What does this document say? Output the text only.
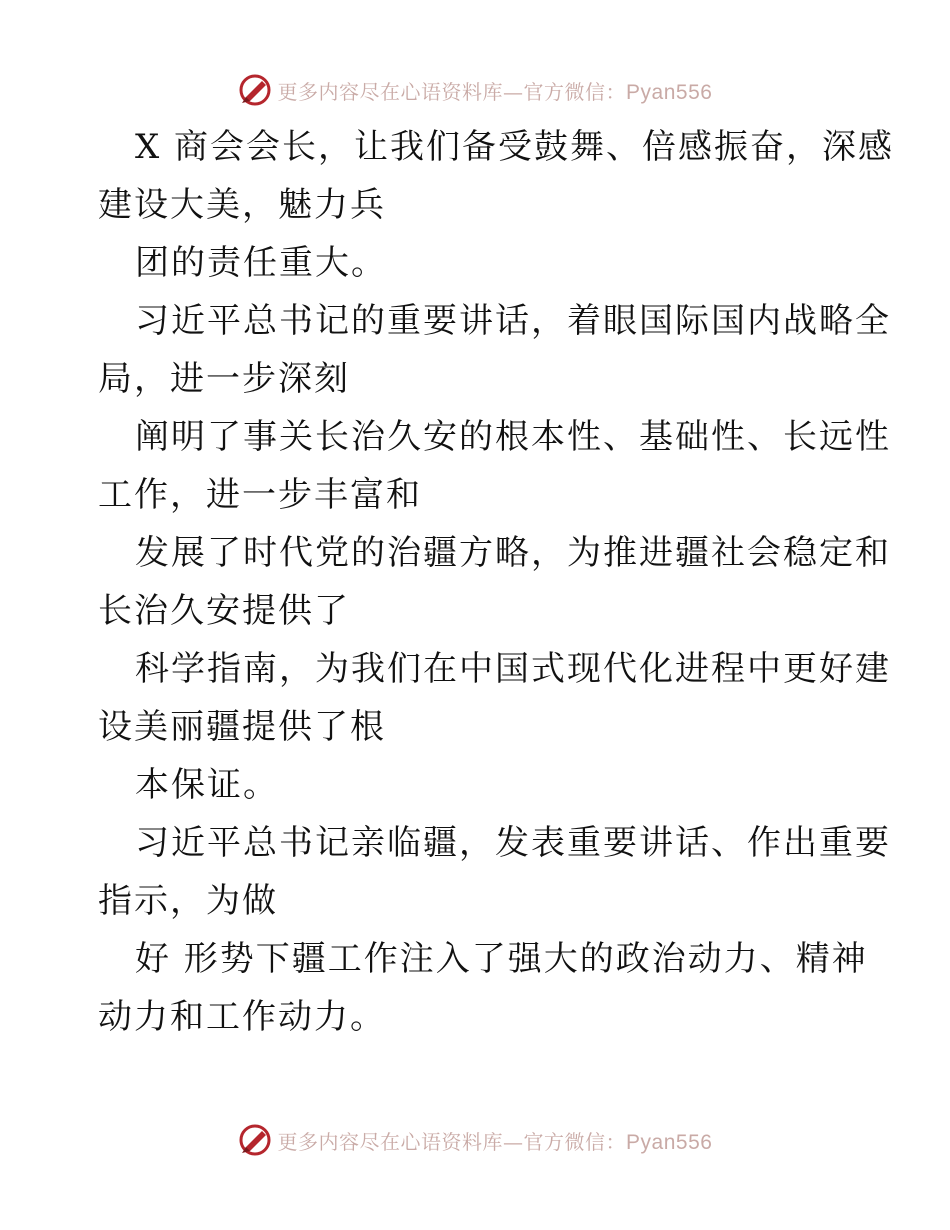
更多内容尽在心语资料库—官方微信：Pyan556
X 商会会长，让我们备受鼓舞、倍感振奋，深感
建设大美，魅力兵
团的责任重大。
习近平总书记的重要讲话，着眼国际国内战略全
局，进一步深刻
阐明了事关长治久安的根本性、基础性、长远性
工作，进一步丰富和
发展了时代党的治疆方略，为推进疆社会稳定和
长治久安提供了
科学指南，为我们在中国式现代化进程中更好建
设美丽疆提供了根
本保证。
习近平总书记亲临疆，发表重要讲话、作出重要
指示，为做
好 形势下疆工作注入了强大的政治动力、精神
动力和工作动力。
更多内容尽在心语资料库—官方微信：Pyan556
